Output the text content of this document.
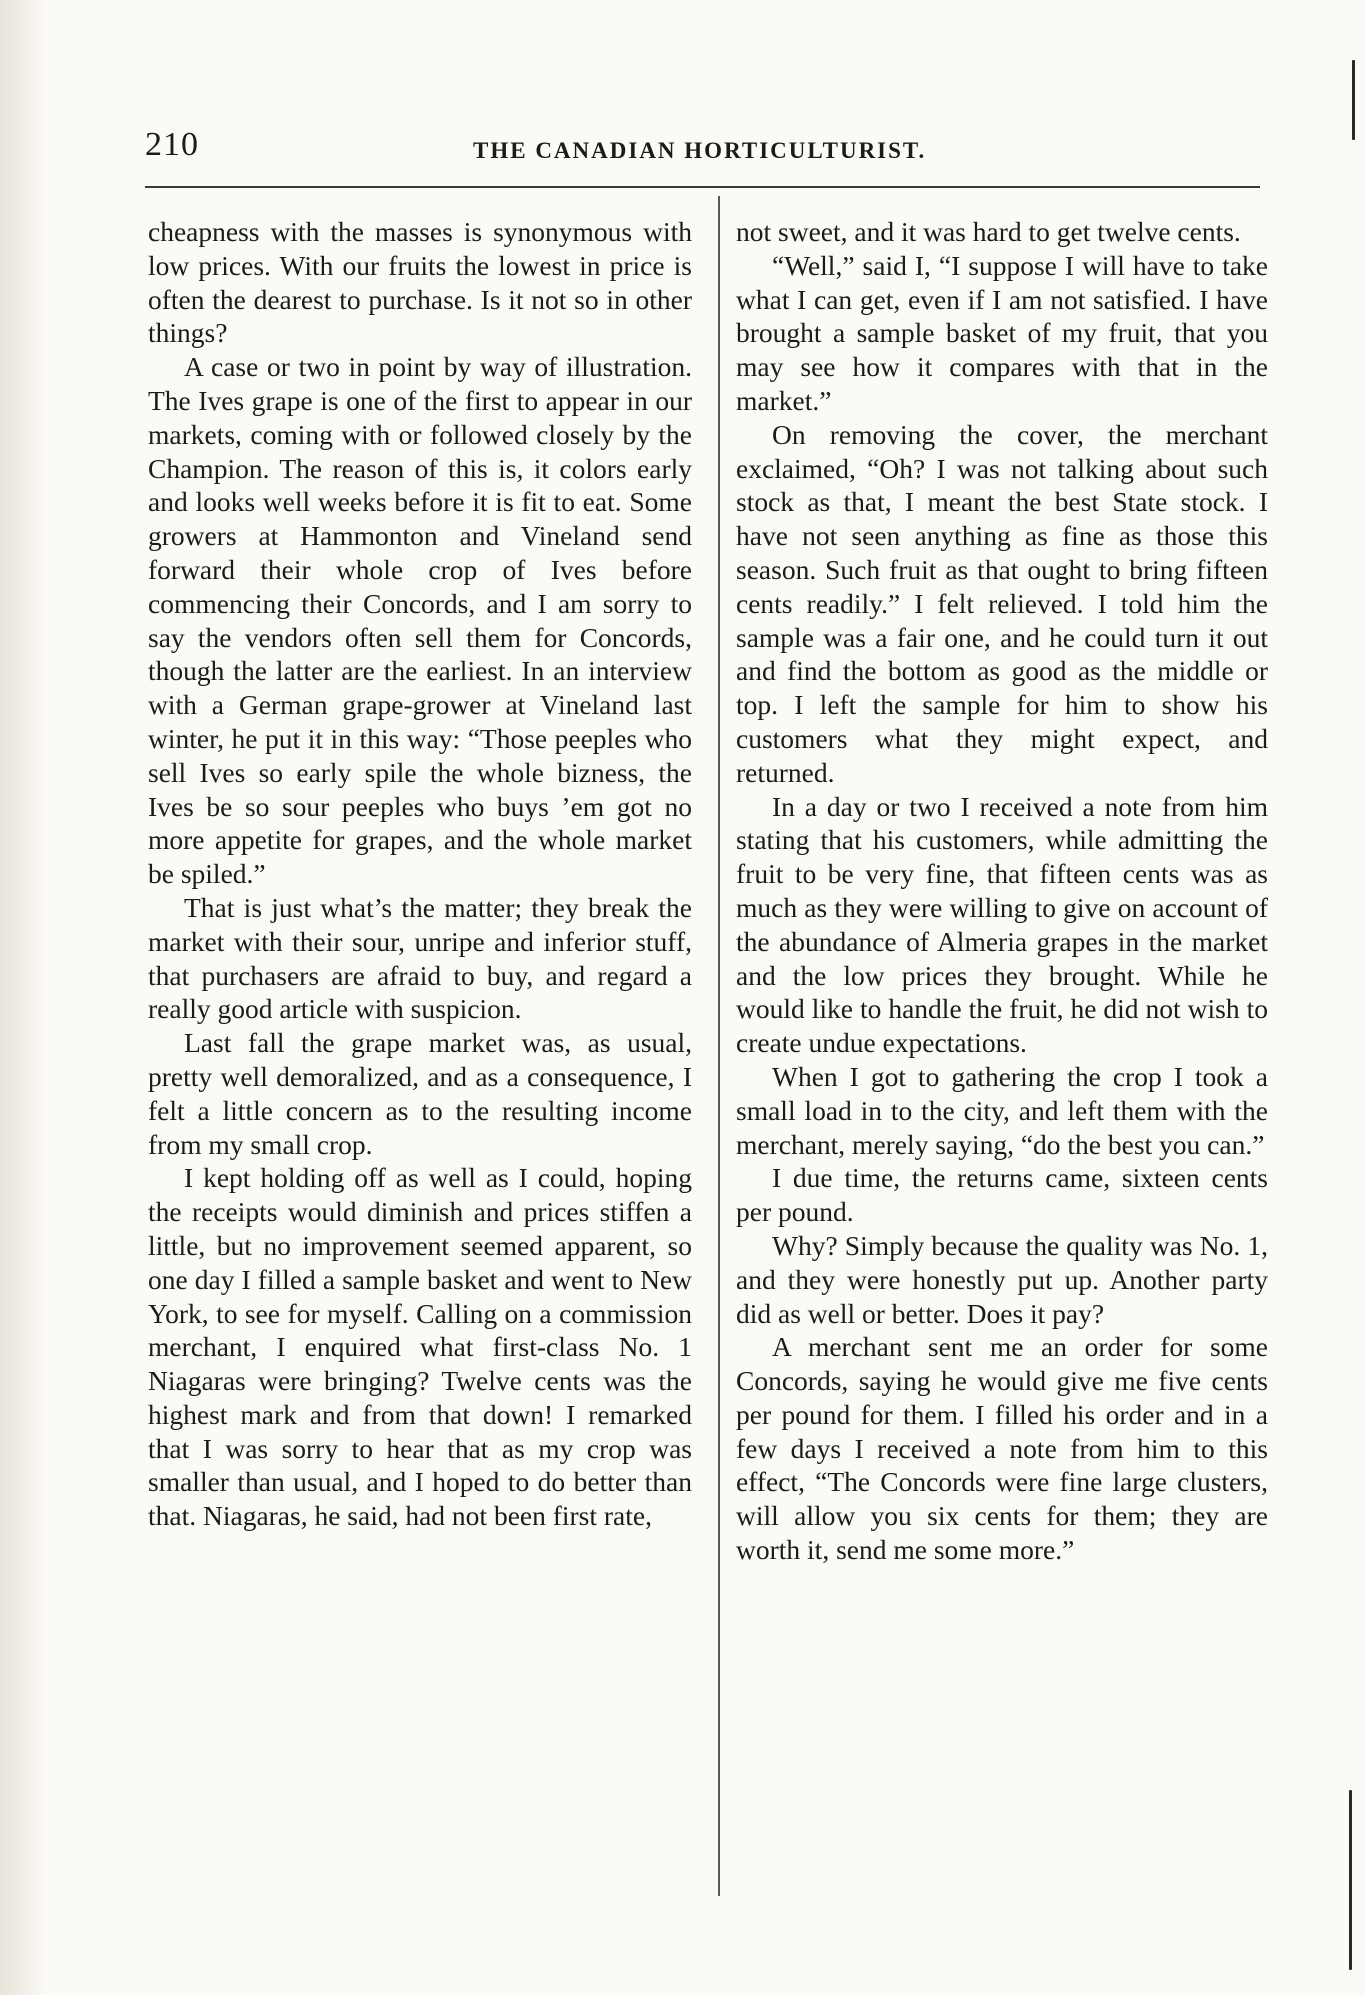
210	THE CANADIAN HORTICULTURIST.

cheapness with the masses is synonymous with low prices. With our fruits the lowest in price is often the dearest to purchase. Is it not so in other things?

A case or two in point by way of illustration. The Ives grape is one of the first to appear in our markets, coming with or followed closely by the Champion. The reason of this is, it colors early and looks well weeks before it is fit to eat. Some growers at Hammonton and Vineland send forward their whole crop of Ives before commencing their Concords, and I am sorry to say the vendors often sell them for Concords, though the latter are the earliest. In an interview with a German grape-grower at Vineland last winter, he put it in this way: “Those peeples who sell Ives so early spile the whole bizness, the Ives be so sour peeples who buys ’em got no more appetite for grapes, and the whole market be spiled.”

That is just what’s the matter; they break the market with their sour, unripe and inferior stuff, that purchasers are afraid to buy, and regard a really good article with suspicion.

Last fall the grape market was, as usual, pretty well demoralized, and as a consequence, I felt a little concern as to the resulting income from my small crop.

I kept holding off as well as I could, hoping the receipts would diminish and prices stiffen a little, but no improvement seemed apparent, so one day I filled a sample basket and went to New York, to see for myself. Calling on a commission merchant, I enquired what first-class No. 1 Niagaras were bringing? Twelve cents was the highest mark and from that down! I remarked that I was sorry to hear that as my crop was smaller than usual, and I hoped to do better than that. Niagaras, he said, had not been first rate,

not sweet, and it was hard to get twelve cents.

“Well,” said I, “I suppose I will have to take what I can get, even if I am not satisfied. I have brought a sample basket of my fruit, that you may see how it compares with that in the market.”

On removing the cover, the merchant exclaimed, “Oh? I was not talking about such stock as that, I meant the best State stock. I have not seen anything as fine as those this season. Such fruit as that ought to bring fifteen cents readily.” I felt relieved. I told him the sample was a fair one, and he could turn it out and find the bottom as good as the middle or top. I left the sample for him to show his customers what they might expect, and returned.

In a day or two I received a note from him stating that his customers, while admitting the fruit to be very fine, that fifteen cents was as much as they were willing to give on account of the abundance of Almeria grapes in the market and the low prices they brought. While he would like to handle the fruit, he did not wish to create undue expectations.

When I got to gathering the crop I took a small load in to the city, and left them with the merchant, merely saying, “do the best you can.”

I due time, the returns came, sixteen cents per pound.

Why? Simply because the quality was No. 1, and they were honestly put up. Another party did as well or better. Does it pay?

A merchant sent me an order for some Concords, saying he would give me five cents per pound for them. I filled his order and in a few days I received a note from him to this effect, “The Concords were fine large clusters, will allow you six cents for them; they are worth it, send me some more.”
